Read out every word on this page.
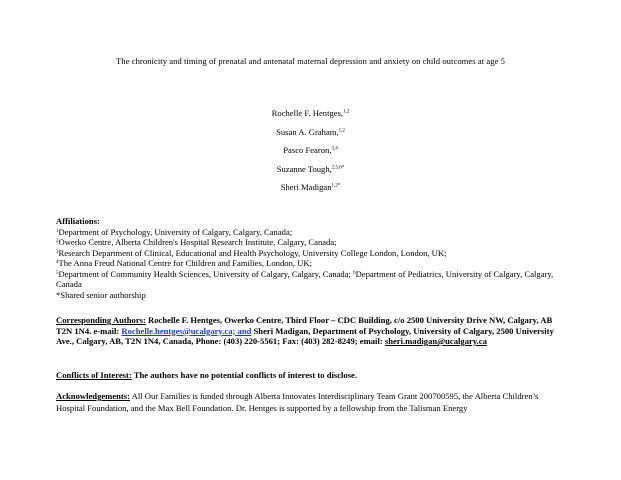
The chronicity and timing of prenatal and antenatal maternal depression and anxiety on child outcomes at age 5
Rochelle F. Hentges,$^{1,2}$
Susan A. Graham,$^{1,2}$
Pasco Fearon,$^{3,4}$
Suzanne Tough,$^{2,5,6*}$
Sheri Madigan$^{1,2*}$
Affiliations:
$^1$Department of Psychology, University of Calgary, Calgary, Canada;
$^2$Owerko Centre, Alberta Children's Hospital Research Institute, Calgary, Canada;
$^3$Research Department of Clinical, Educational and Health Psychology, University College London, London, UK;
$^4$The Anna Freud National Centre for Children and Families, London, UK;
$^5$Department of Community Health Sciences, University of Calgary, Calgary, Canada; $^6$Department of Pediatrics, University of Calgary, Calgary, Canada
*Shared senior authorship
Corresponding Authors: Rochelle F. Hentges, Owerko Centre, Third Floor – CDC Building, c/o 2500 University Drive NW, Calgary, AB T2N 1N4. e-mail: Rochelle.hentges@ucalgary.ca; and Sheri Madigan, Department of Psychology, University of Calgary, 2500 University Ave., Calgary, AB, T2N 1N4, Canada, Phone: (403) 220-5561; Fax: (403) 282-8249; email: sheri.madigan@ucalgary.ca
Conflicts of Interest: The authors have no potential conflicts of interest to disclose.
Acknowledgements: All Our Families is funded through Alberta Innovates Interdisciplinary Team Grant 200700595, the Alberta Children’s Hospital Foundation, and the Max Bell Foundation. Dr. Hentges is supported by a fellowship from the Talisman Energy
